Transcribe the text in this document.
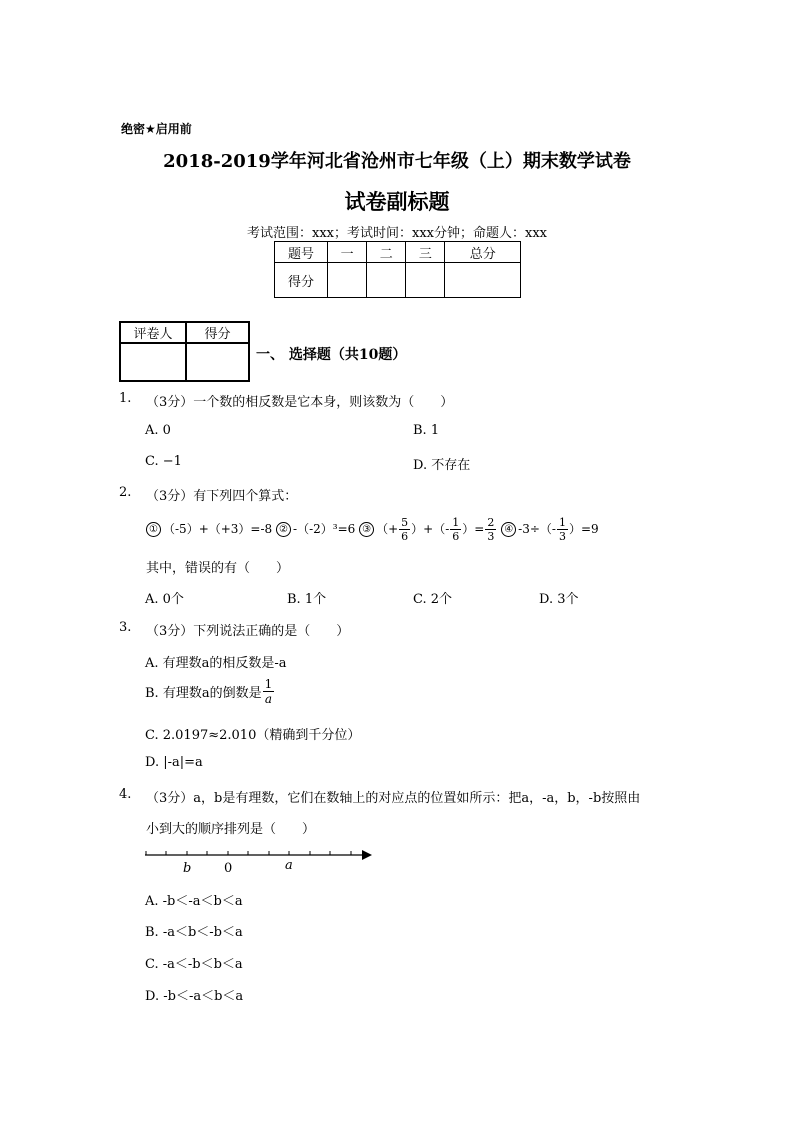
绝密★启用前
2018-2019学年河北省沧州市七年级（上）期末数学试卷
试卷副标题
考试范围：xxx；考试时间：xxx分钟；命题人：xxx
题号	一	二	三	总分
得分				
评卷人	得分

一、 选择题（共10题）
1. （3分）一个数的相反数是它本身，则该数为（　　）
A. 0	B. 1
C. −1	D. 不存在
2. （3分）有下列四个算式：
① （-5）+（+3）=-8 ② -（-2）³=6 ③ （+ $\frac{5}{6}$ ）+（- $\frac{1}{6}$ ）= $\frac{2}{3}$ ④ $-3\div(- \frac{1}{3} )=9$
其中，错误的有（　　）
A. 0个	B. 1个	C. 2个	D. 3个
3. （3分）下列说法正确的是（　　）
A. 有理数a的相反数是-a
B. 有理数a的倒数是 $\frac{1}{a}$
C. 2.0197≈2.010（精确到千分位）
D. |-a|=a
4. （3分）a，b是有理数，它们在数轴上的对应点的位置如所示：把a，-a，b，-b按照由
小到大的顺序排列是（　　）
b	0	a
A. -b＜-a＜b＜a
B. -a＜b＜-b＜a
C. -a＜-b＜b＜a
D. -b＜-a＜b＜a
